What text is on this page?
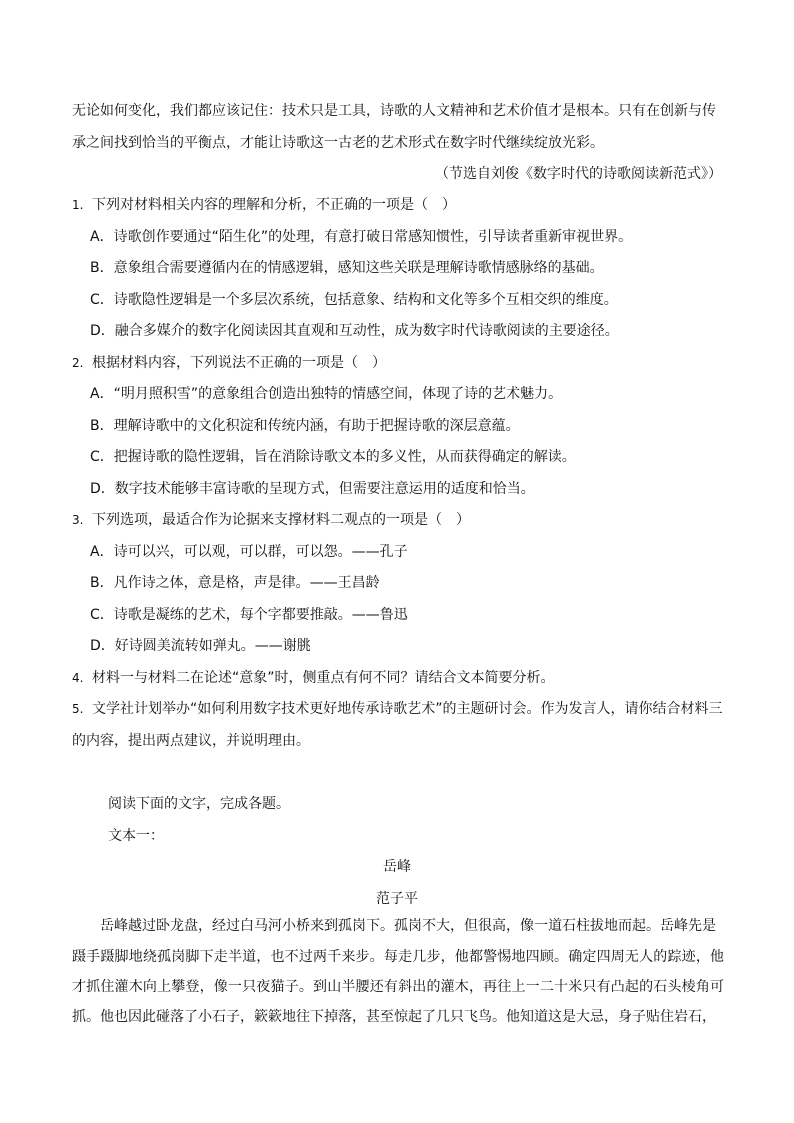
无论如何变化，我们都应该记住：技术只是工具，诗歌的人文精神和艺术价值才是根本。只有在创新与传
承之间找到恰当的平衡点，才能让诗歌这一古老的艺术形式在数字时代继续绽放光彩。
（节选自刘俊《数字时代的诗歌阅读新范式》）
1. 下列对材料相关内容的理解和分析，不正确的一项是（　）
A．诗歌创作要通过“陌生化”的处理，有意打破日常感知惯性，引导读者重新审视世界。
B．意象组合需要遵循内在的情感逻辑，感知这些关联是理解诗歌情感脉络的基础。
C．诗歌隐性逻辑是一个多层次系统，包括意象、结构和文化等多个互相交织的维度。
D．融合多媒介的数字化阅读因其直观和互动性，成为数字时代诗歌阅读的主要途径。
2. 根据材料内容，下列说法不正确的一项是（　）
A．“明月照积雪”的意象组合创造出独特的情感空间，体现了诗的艺术魅力。
B．理解诗歌中的文化积淀和传统内涵，有助于把握诗歌的深层意蕴。
C．把握诗歌的隐性逻辑，旨在消除诗歌文本的多义性，从而获得确定的解读。
D．数字技术能够丰富诗歌的呈现方式，但需要注意运用的适度和恰当。
3. 下列选项，最适合作为论据来支撑材料二观点的一项是（　）
A．诗可以兴，可以观，可以群，可以怨。——孔子
B．凡作诗之体，意是格，声是律。——王昌龄
C．诗歌是凝练的艺术，每个字都要推敲。——鲁迅
D．好诗圆美流转如弹丸。——谢朓
4. 材料一与材料二在论述“意象”时，侧重点有何不同？请结合文本简要分析。
5. 文学社计划举办“如何利用数字技术更好地传承诗歌艺术”的主题研讨会。作为发言人，请你结合材料三
的内容，提出两点建议，并说明理由。
阅读下面的文字，完成各题。
文本一：
岳峰
范子平
岳峰越过卧龙盘，经过白马河小桥来到孤岗下。孤岗不大，但很高，像一道石柱拔地而起。岳峰先是
蹑手蹑脚地绕孤岗脚下走半道，也不过两千来步。每走几步，他都警惕地四顾。确定四周无人的踪迹，他才抓住灌木向上攀登，像一只夜猫子。到山半腰还有斜出的灌木，再往上一二十米只有凸起的石头棱角可抓。他也因此碰落了小石子，簌簌地往下掉落，甚至惊起了几只飞鸟。他知道这是大忌，身子贴住岩石，
